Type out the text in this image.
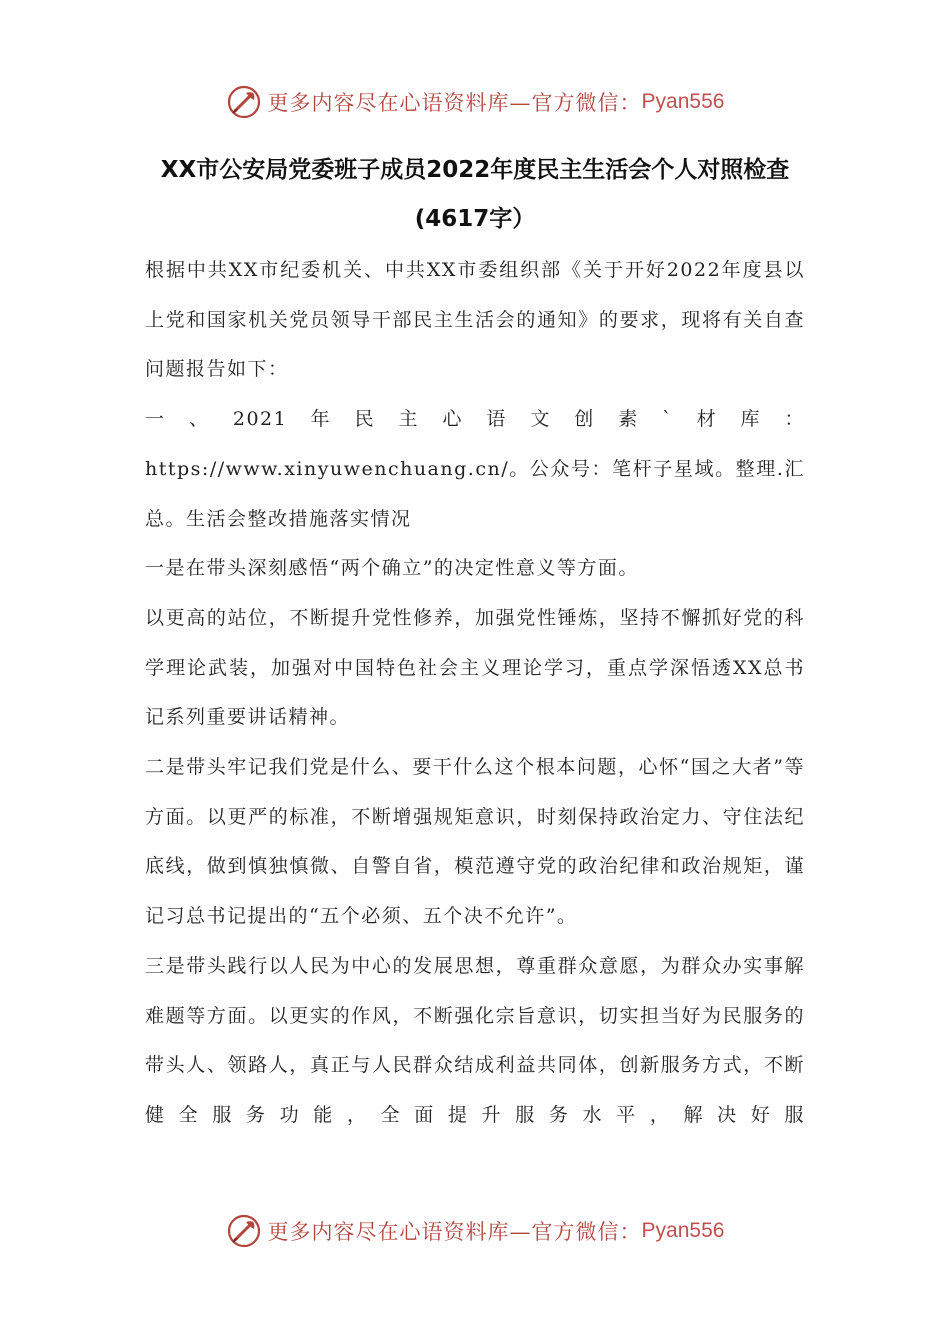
更多内容尽在心语资料库—官方微信： Pyan556
XX市公安局党委班子成员2022年度民主生活会个人对照检查(4617字）

根据中共XX市纪委机关、中共XX市委组织部《关于开好2022年度县以上党和国家机关党员领导干部民主生活会的通知》的要求，现将有关自查问题报告如下：

一、2021年民主心语文创素`材库：https://www.xinyuwenchuang.cn/。公众号：笔杆子星域。整理.汇总。生活会整改措施落实情况

一是在带头深刻感悟“两个确立”的决定性意义等方面。

以更高的站位，不断提升党性修养，加强党性锤炼，坚持不懈抓好党的科学理论武装，加强对中国特色社会主义理论学习，重点学深悟透XX总书记系列重要讲话精神。

二是带头牢记我们党是什么、要干什么这个根本问题，心怀“国之大者”等方面。以更严的标准，不断增强规矩意识，时刻保持政治定力、守住法纪底线，做到慎独慎微、自警自省，模范遵守党的政治纪律和政治规矩，谨记习总书记提出的“五个必须、五个决不允许”。

三是带头践行以人民为中心的发展思想，尊重群众意愿，为群众办实事解难题等方面。以更实的作风，不断强化宗旨意识，切实担当好为民服务的带头人、领路人，真正与人民群众结成利益共同体，创新服务方式，不断健全服务功能，全面提升服务水平，解决好服

更多内容尽在心语资料库—官方微信： Pyan556
